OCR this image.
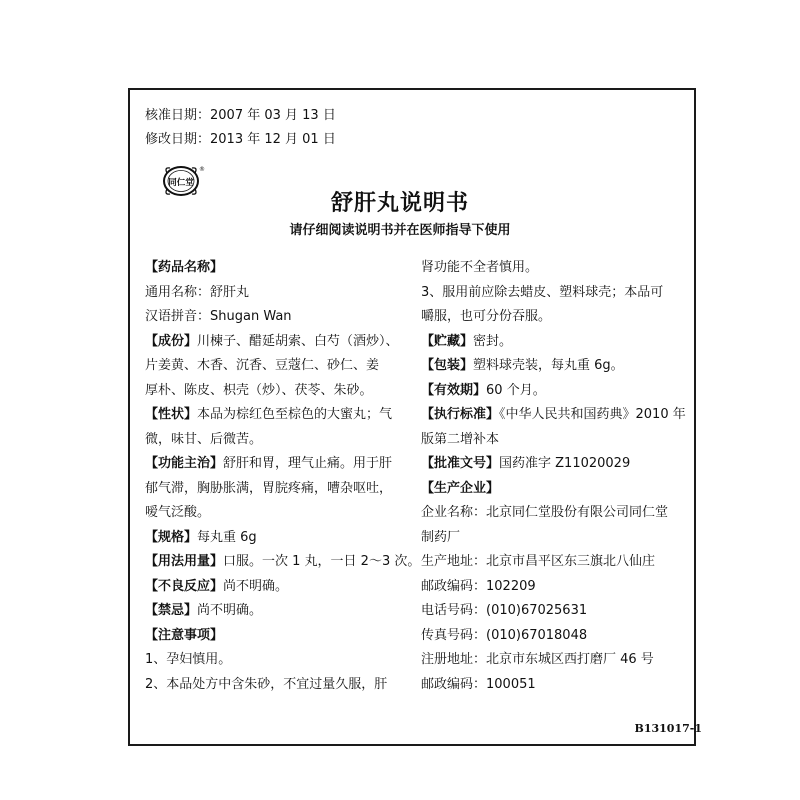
核准日期：2007 年 03 月 13 日
修改日期：2013 年 12 月 01 日
同仁堂
®
舒肝丸说明书
请仔细阅读说明书并在医师指导下使用
【药品名称】
通用名称：舒肝丸
汉语拼音：Shugan Wan
【成份】川楝子、醋延胡索、白芍（酒炒）、
片姜黄、木香、沉香、豆蔻仁、砂仁、姜
厚朴、陈皮、枳壳（炒）、茯苓、朱砂。
【性状】本品为棕红色至棕色的大蜜丸；气
微，味甘、后微苦。
【功能主治】舒肝和胃，理气止痛。用于肝
郁气滞，胸胁胀满，胃脘疼痛，嘈杂呕吐，
嗳气泛酸。
【规格】每丸重 6g
【用法用量】口服。一次 1 丸，一日 2～3 次。
【不良反应】尚不明确。
【禁忌】尚不明确。
【注意事项】
1、孕妇慎用。
2、本品处方中含朱砂，不宜过量久服，肝
肾功能不全者慎用。
3、服用前应除去蜡皮、塑料球壳；本品可
嚼服，也可分份吞服。
【贮藏】密封。
【包装】塑料球壳装，每丸重 6g。
【有效期】60 个月。
【执行标准】《中华人民共和国药典》2010 年
版第二增补本
【批准文号】国药准字 Z11020029
【生产企业】
企业名称：北京同仁堂股份有限公司同仁堂
制药厂
生产地址：北京市昌平区东三旗北八仙庄
邮政编码：102209
电话号码：(010)67025631
传真号码：(010)67018048
注册地址：北京市东城区西打磨厂 46 号
邮政编码：100051
B131017-1
